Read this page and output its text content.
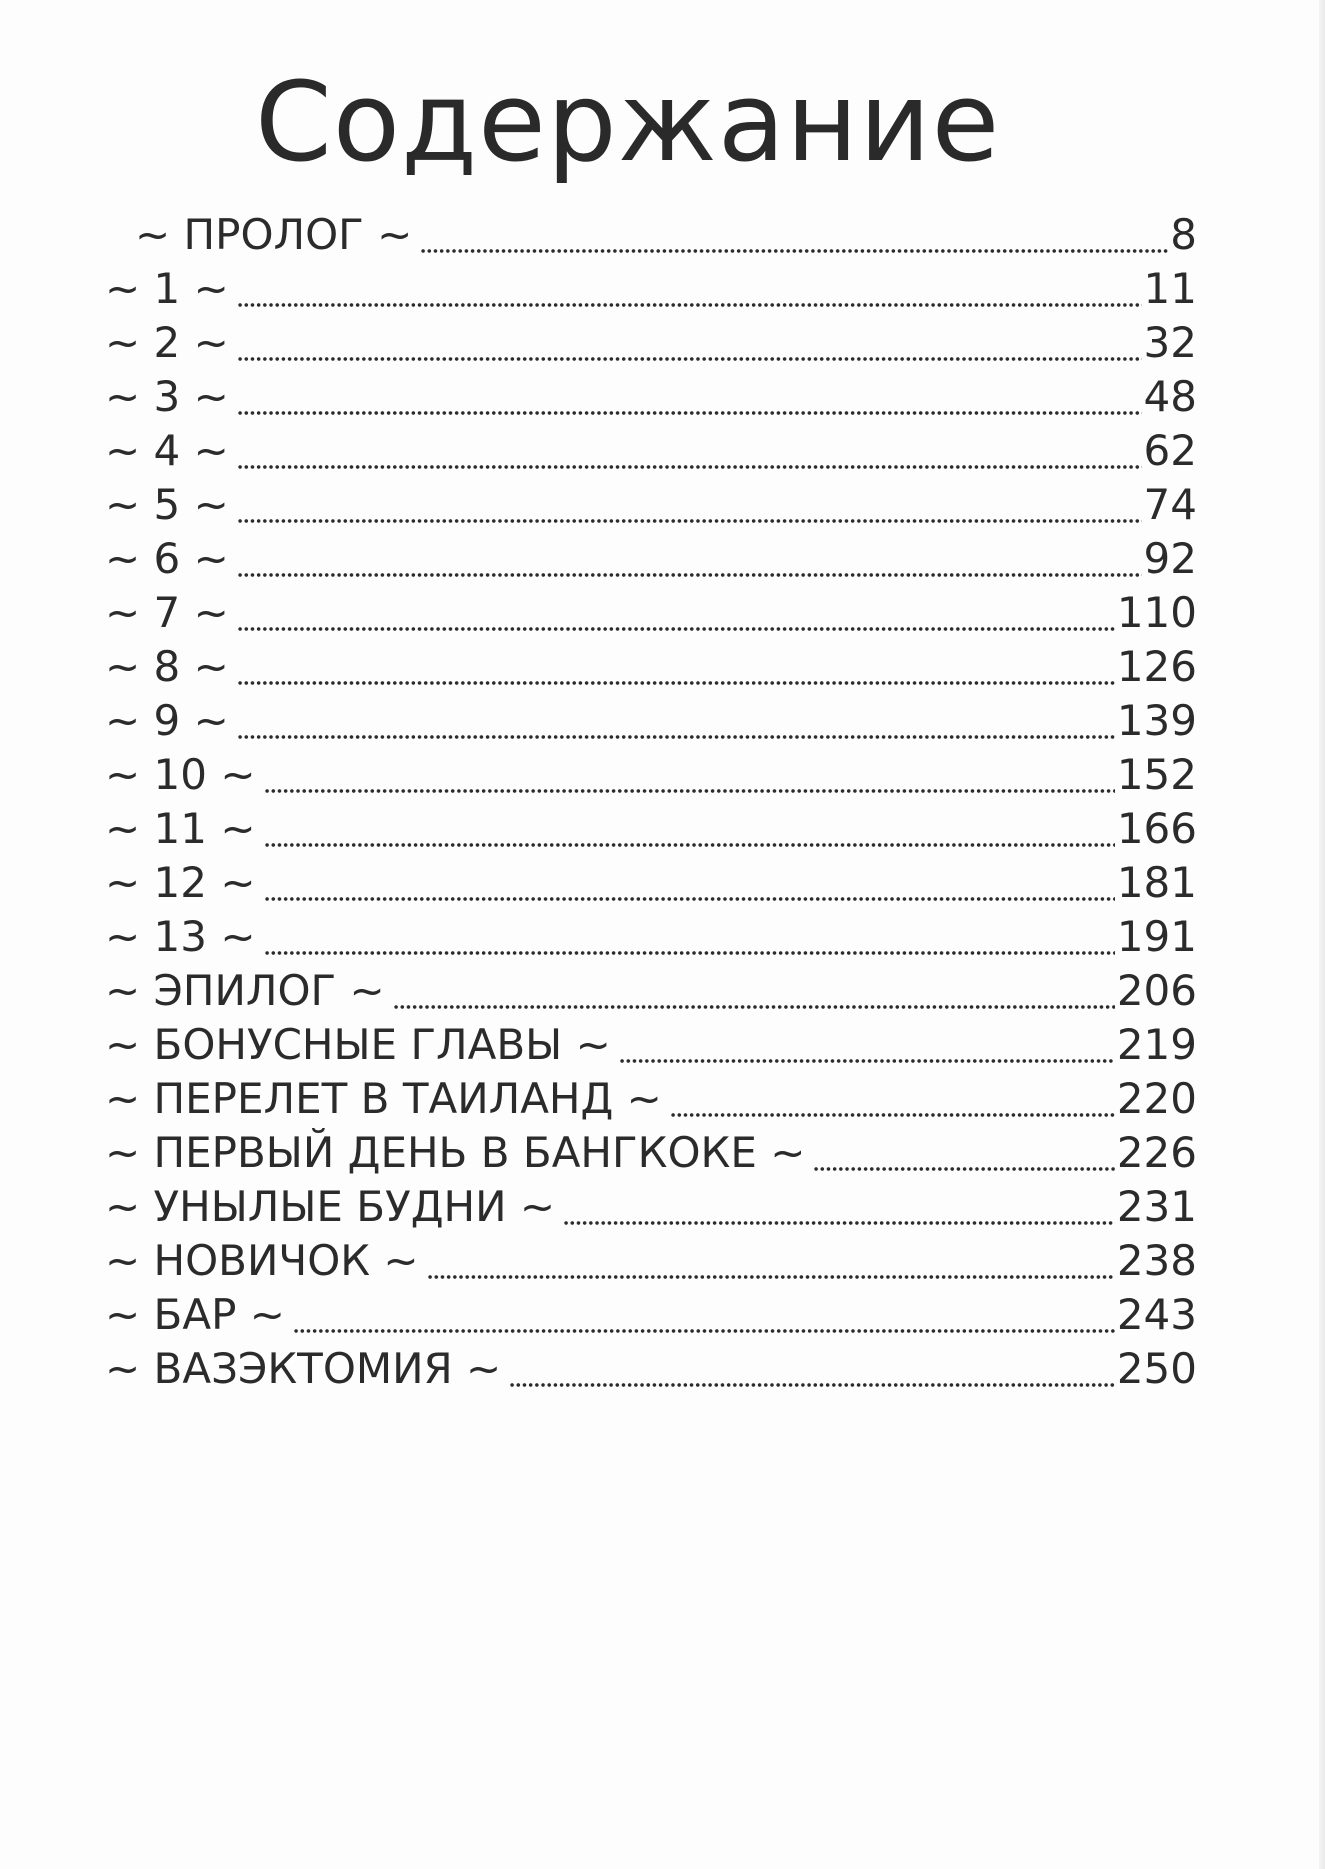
Содержание
~ ПРОЛОГ ~	8
~ 1 ~	11
~ 2 ~	32
~ 3 ~	48
~ 4 ~	62
~ 5 ~	74
~ 6 ~	92
~ 7 ~	110
~ 8 ~	126
~ 9 ~	139
~ 10 ~	152
~ 11 ~	166
~ 12 ~	181
~ 13 ~	191
~ ЭПИЛОГ ~	206
~ БОНУСНЫЕ ГЛАВЫ ~	219
~ ПЕРЕЛЕТ В ТАИЛАНД ~	220
~ ПЕРВЫЙ ДЕНЬ В БАНГКОКЕ ~	226
~ УНЫЛЫЕ БУДНИ ~	231
~ НОВИЧОК ~	238
~ БАР ~	243
~ ВАЗЭКТОМИЯ ~	250
